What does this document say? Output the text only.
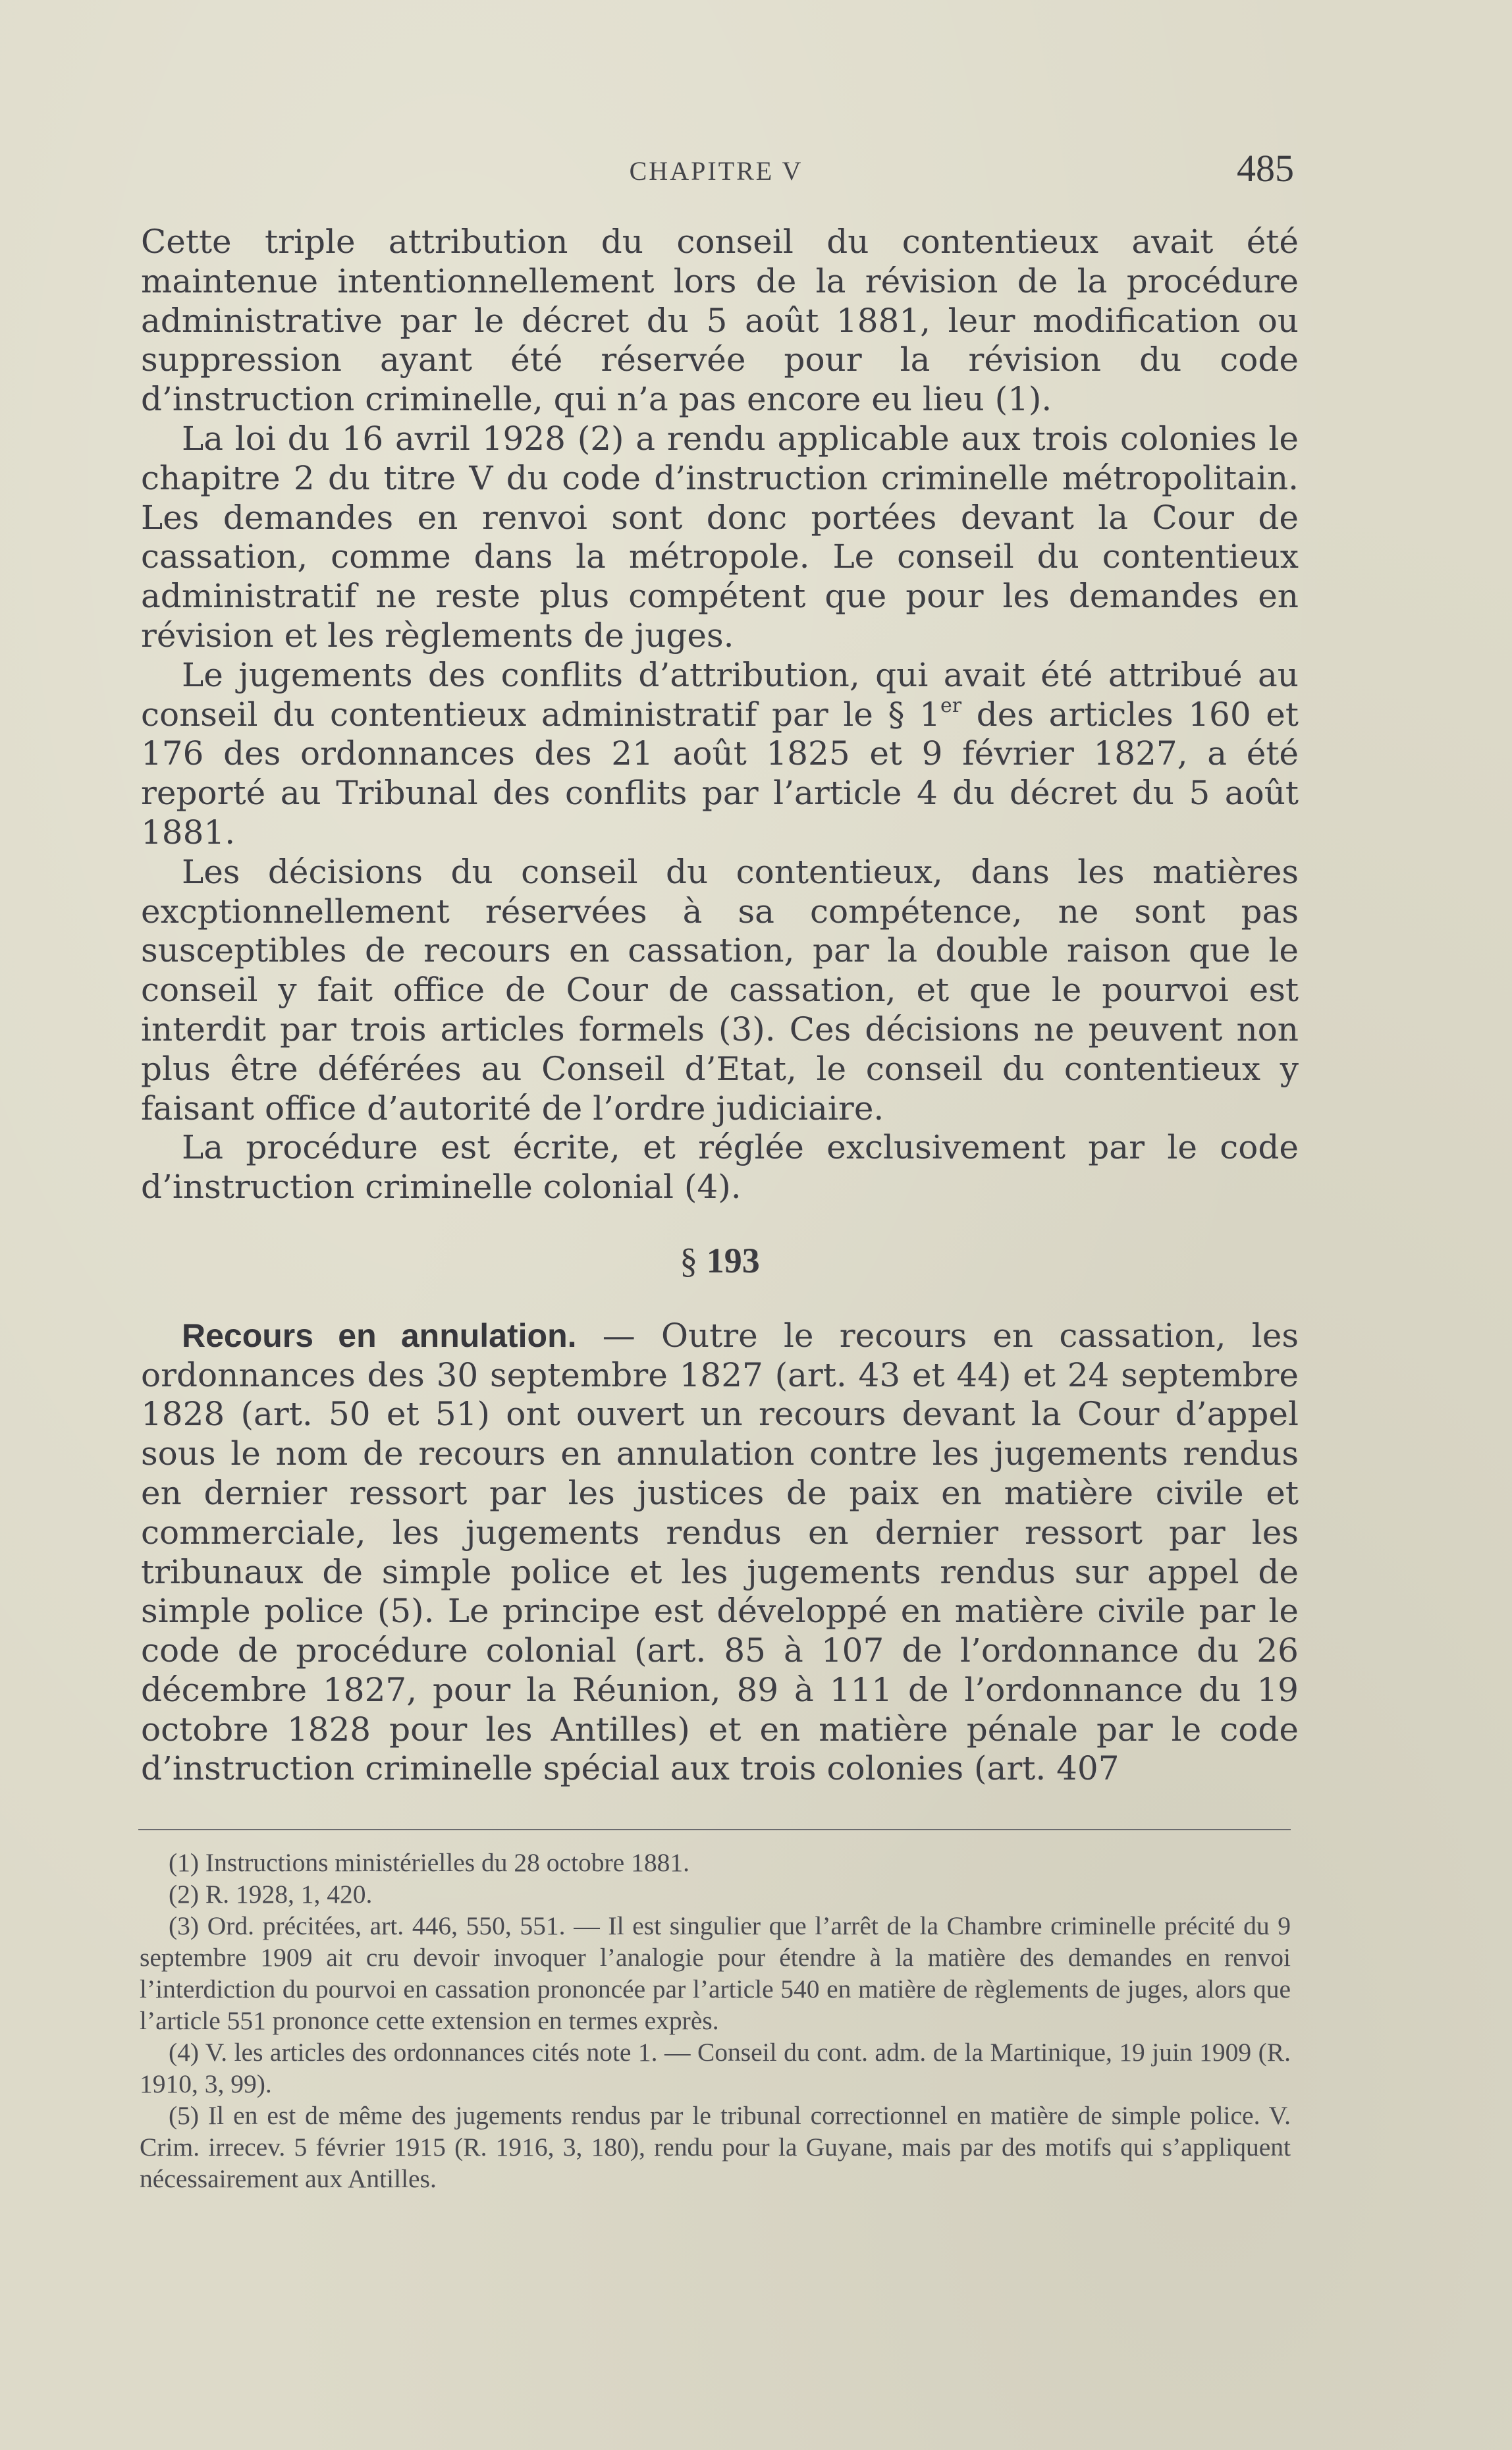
CHAPITRE V	485

Cette triple attribution du conseil du contentieux avait été maintenue intentionnellement lors de la révision de la procédure administrative par le décret du 5 août 1881, leur modification ou suppression ayant été réservée pour la révision du code d’instruction criminelle, qui n’a pas encore eu lieu (1).

La loi du 16 avril 1928 (2) a rendu applicable aux trois colonies le chapitre 2 du titre V du code d’instruction criminelle métropolitain. Les demandes en renvoi sont donc portées devant la Cour de cassation, comme dans la métropole. Le conseil du contentieux administratif ne reste plus compétent que pour les demandes en révision et les règlements de juges.

Le jugements des conflits d’attribution, qui avait été attribué au conseil du contentieux administratif par le § 1er des articles 160 et 176 des ordonnances des 21 août 1825 et 9 février 1827, a été reporté au Tribunal des conflits par l’article 4 du décret du 5 août 1881.

Les décisions du conseil du contentieux, dans les matières excptionnellement réservées à sa compétence, ne sont pas susceptibles de recours en cassation, par la double raison que le conseil y fait office de Cour de cassation, et que le pourvoi est interdit par trois articles formels (3). Ces décisions ne peuvent non plus être déférées au Conseil d’Etat, le conseil du contentieux y faisant office d’autorité de l’ordre judiciaire.

La procédure est écrite, et réglée exclusivement par le code d’instruction criminelle colonial (4).

§ 193

Recours en annulation. — Outre le recours en cassation, les ordonnances des 30 septembre 1827 (art. 43 et 44) et 24 septembre 1828 (art. 50 et 51) ont ouvert un recours devant la Cour d’appel sous le nom de recours en annulation contre les jugements rendus en dernier ressort par les justices de paix en matière civile et commerciale, les jugements rendus en dernier ressort par les tribunaux de simple police et les jugements rendus sur appel de simple police (5). Le principe est développé en matière civile par le code de procédure colonial (art. 85 à 107 de l’ordonnance du 26 décembre 1827, pour la Réunion, 89 à 111 de l’ordonnance du 19 octobre 1828 pour les Antilles) et en matière pénale par le code d’instruction criminelle spécial aux trois colonies (art. 407

(1) Instructions ministérielles du 28 octobre 1881.

(2) R. 1928, 1, 420.

(3) Ord. précitées, art. 446, 550, 551. — Il est singulier que l’arrêt de la Chambre criminelle précité du 9 septembre 1909 ait cru devoir invoquer l’analogie pour étendre à la matière des demandes en renvoi l’interdiction du pourvoi en cassation prononcée par l’article 540 en matière de règlements de juges, alors que l’article 551 prononce cette extension en termes exprès.

(4) V. les articles des ordonnances cités note 1. — Conseil du cont. adm. de la Martinique, 19 juin 1909 (R. 1910, 3, 99).

(5) Il en est de même des jugements rendus par le tribunal correctionnel en matière de simple police. V. Crim. irrecev. 5 février 1915 (R. 1916, 3, 180), rendu pour la Guyane, mais par des motifs qui s’appliquent nécessairement aux Antilles.
